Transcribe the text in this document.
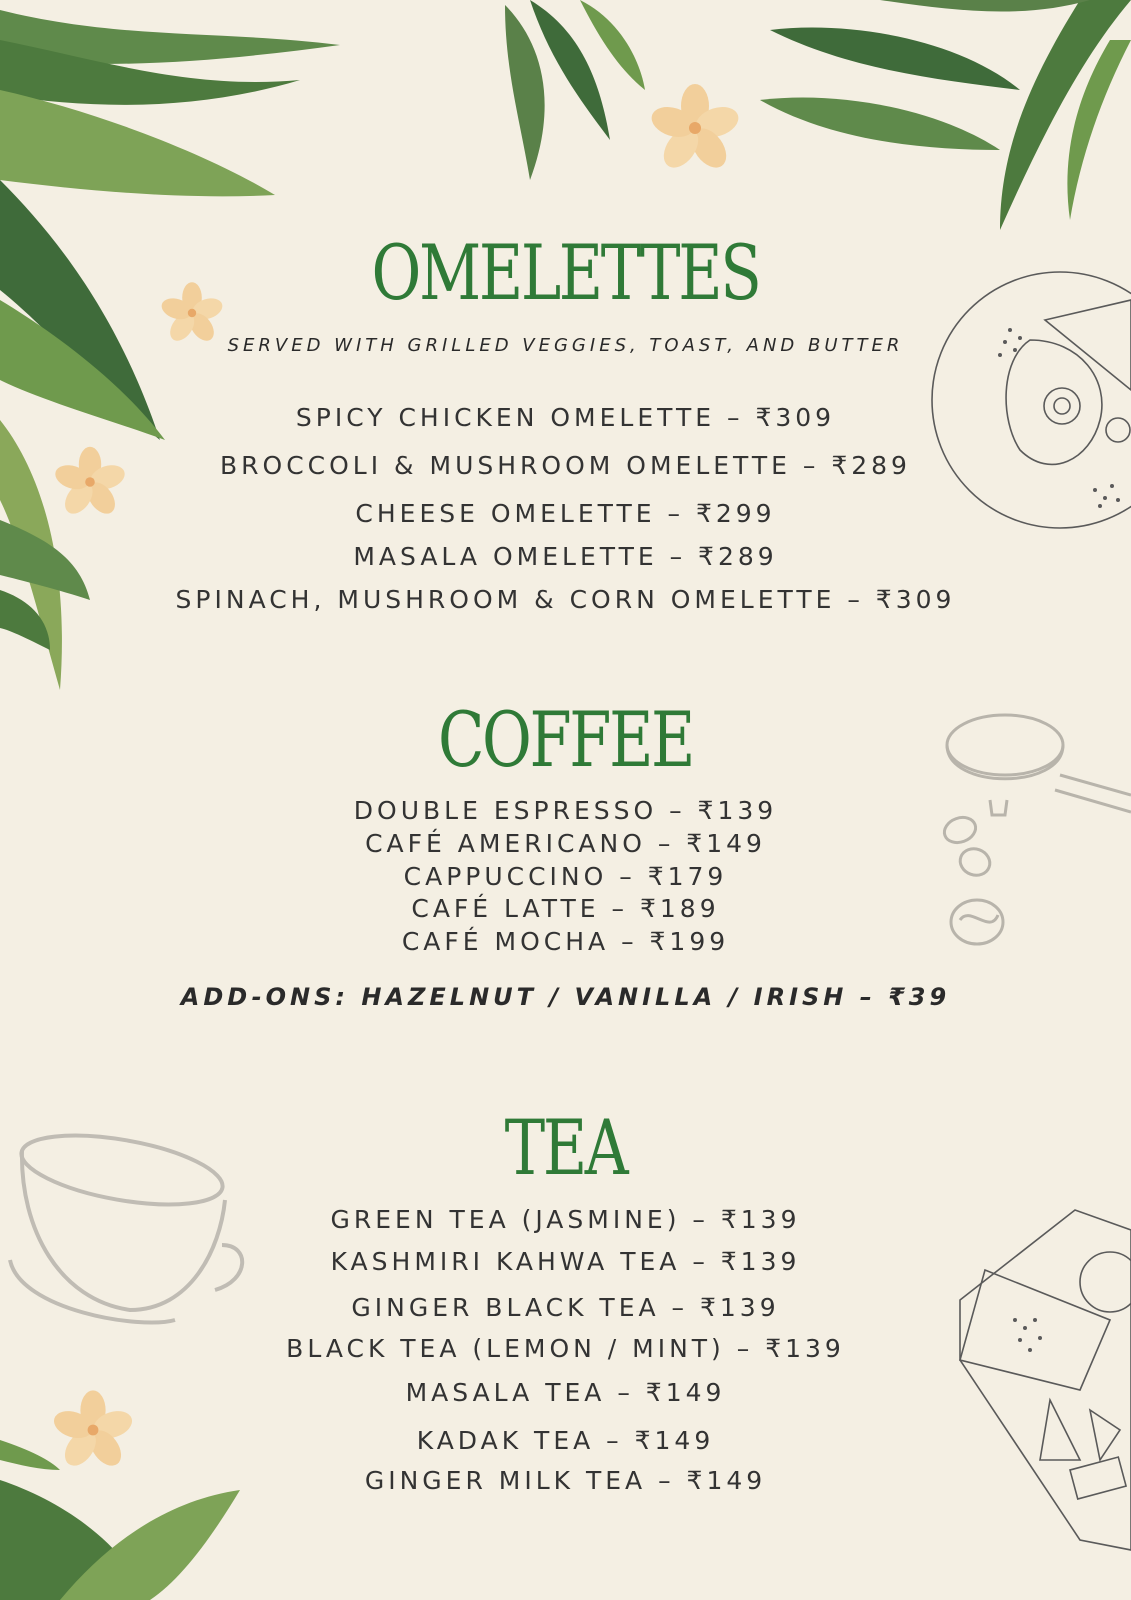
OMELETTES
SERVED WITH GRILLED VEGGIES, TOAST, AND BUTTER
SPICY CHICKEN OMELETTE – ₹309
BROCCOLI & MUSHROOM OMELETTE – ₹289
CHEESE OMELETTE – ₹299
MASALA OMELETTE – ₹289
SPINACH, MUSHROOM & CORN OMELETTE – ₹309
COFFEE
DOUBLE ESPRESSO – ₹139
CAFÉ AMERICANO – ₹149
CAPPUCCINO – ₹179
CAFÉ LATTE – ₹189
CAFÉ MOCHA – ₹199
ADD-ONS: HAZELNUT / VANILLA / IRISH – ₹39
TEA
GREEN TEA (JASMINE) – ₹139
KASHMIRI KAHWA TEA – ₹139
GINGER BLACK TEA – ₹139
BLACK TEA (LEMON / MINT) – ₹139
MASALA TEA – ₹149
KADAK TEA – ₹149
GINGER MILK TEA – ₹149
